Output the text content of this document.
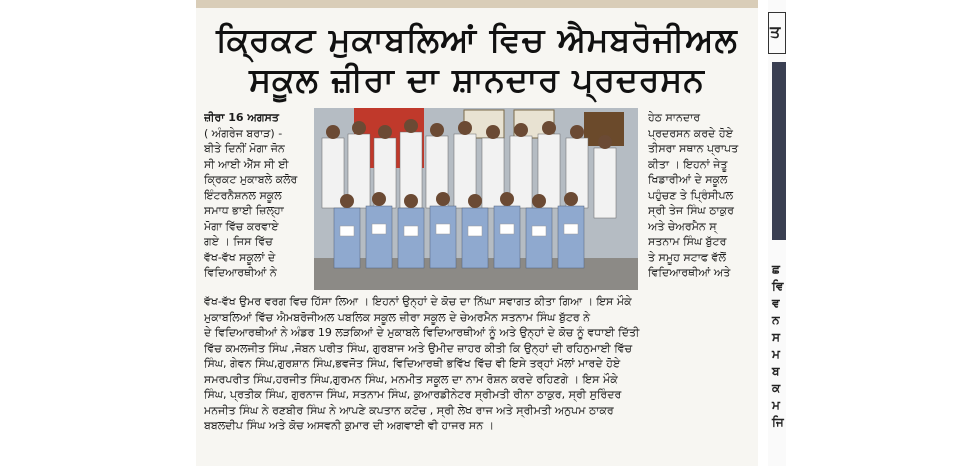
ਕ੍ਰਿਕਟ ਮੁਕਾਬਲਿਆਂ ਵਿਚ ਐਮਬਰੋਜੀਅਲ
ਸਕੂਲ ਜ਼ੀਰਾ ਦਾ ਸ਼ਾਨਦਾਰ ਪ੍ਰਦਰਸਨ

ਜ਼ੀਰਾ 16 ਅਗਸਤ

( ਅੰਗਰੇਜ ਬਰਾੜ) -

ਬੀਤੇ ਦਿਨੀਂ ਮੋਗਾ ਜੋਨ

ਸੀ ਆਈ ਐੱਸ ਸੀ ਈ

ਕ੍ਰਿਕਟ ਮੁਕਾਬਲੇ ਕਲੋਰ

ਇੰਟਰਨੈਸ਼ਨਲ ਸਕੂਲ

ਸਮਾਧ ਭਾਈ ਜ਼ਿਲ੍ਹਾ

ਮੋਗਾ ਵਿੱਚ ਕਰਵਾਏ

ਗਏ । ਜਿਸ ਵਿੱਚ

ਵੱਖ-ਵੱਖ ਸਕੂਲਾਂ ਦੇ

ਵਿਦਿਆਰਥੀਆਂ ਨੇ

ਹੇਠ ਸਾਨਦਾਰ

ਪ੍ਰਦਰਸਨ ਕਰਦੇ ਹੋਏ

ਤੀਸਰਾ ਸਥਾਨ ਪ੍ਰਾਪਤ

ਕੀਤਾ । ਇਹਨਾਂ ਜੇਤੂ

ਖਿਡਾਰੀਆਂ ਦੇ ਸਕੂਲ

ਪਹੁੰਚਣ ਤੇ ਪ੍ਰਿੰਸੀਪਲ

ਸ੍ਰੀ ਤੇਜ ਸਿੰਘ ਠਾਕੁਰ

ਅਤੇ ਚੇਅਰਮੈਨ ਸ੍

ਸਤਨਾਮ ਸਿੰਘ ਬੁੱਟਰ

ਤੇ ਸਮੂਹ ਸਟਾਫ ਵੱਲੋਂ

ਵਿਦਿਆਰਥੀਆਂ ਅਤੇ

ਵੱਖ-ਵੱਖ ਉਮਰ ਵਰਗ ਵਿਚ ਹਿੱਸਾ ਲਿਆ । ਇਹਨਾਂ ਉਨ੍ਹਾਂ ਦੇ ਕੋਚ ਦਾ ਨਿੱਘਾ ਸਵਾਗਤ ਕੀਤਾ ਗਿਆ । ਇਸ ਮੌਕੇ

ਮੁਕਾਬਲਿਆਂ ਵਿੱਚ ਐਮਬਰੋਜੀਅਲ ਪਬਲਿਕ ਸਕੂਲ ਜ਼ੀਰਾ ਸਕੂਲ ਦੇ ਚੇਅਰਮੈਨ ਸਤਨਾਮ ਸਿੰਘ ਬੁੱਟਰ ਨੇ

ਦੇ ਵਿਦਿਆਰਥੀਆਂ ਨੇ ਅੰਡਰ 19 ਲੜਕਿਆਂ ਦੇ ਮੁਕਾਬਲੇ ਵਿਦਿਆਰਥੀਆਂ ਨੂੰ ਅਤੇ ਉਨ੍ਹਾਂ ਦੇ ਕੋਚ ਨੂੰ ਵਧਾਈ ਦਿੱਤੀ

ਵਿੱਚ ਕਮਲਜੀਤ ਸਿੰਘ ,ਜੋਬਨ ਪਰੀਤ ਸਿੰਘ, ਗੁਰਬਾਜ ਅਤੇ ਉਮੀਦ ਜ਼ਾਹਰ ਕੀਤੀ ਕਿ ਉਨ੍ਹਾਂ ਦੀ ਰਹਿਨੁਮਾਈ ਵਿੱਚ

ਸਿੰਘ, ਗੇਵਨ ਸਿੰਘ,ਗੁਰਸ਼ਾਨ ਸਿੰਘ,ਭਵਜੋਤ ਸਿੰਘ, ਵਿਦਿਆਰਥੀ ਭਵਿੱਖ ਵਿੱਚ ਵੀ ਇਸੇ ਤਰ੍ਹਾਂ ਮੱਲਾਂ ਮਾਰਦੇ ਹੋਏ

ਸਮਰਪਰੀਤ ਸਿੰਘ,ਹਰਜੀਤ ਸਿੰਘ,ਗੁਰਮਨ ਸਿੰਘ, ਮਨਮੀਤ ਸਕੂਲ ਦਾ ਨਾਮ ਰੋਸ਼ਨ ਕਰਦੇ ਰਹਿਣਗੇ । ਇਸ ਮੌਕੇ

ਸਿੰਘ, ਪ੍ਰਤੀਕ ਸਿੰਘ, ਗੁਰਨਾਜ ਸਿੰਘ, ਸਤਨਾਮ ਸਿੰਘ, ਕੁਆਰਡੀਨੇਟਰ ਸ੍ਰੀਮਤੀ ਰੀਨਾ ਠਾਕੁਰ, ਸ੍ਰੀ ਸੁਰਿੰਦਰ

ਮਨਜੀਤ ਸਿੰਘ ਨੇ ਰਣਬੀਰ ਸਿੰਘ ਨੇ ਆਪਣੇ ਕਪਤਾਨ ਕਟੋਚ , ਸ੍ਰੀ ਲੇਖ ਰਾਜ ਅਤੇ ਸ੍ਰੀਮਤੀ ਅਨੁਪਮ ਠਾਕਰ

ਬਬਲਦੀਪ ਸਿੰਘ ਅਤੇ ਕੋਚ ਅਸਵਨੀ ਕੁਮਾਰ ਦੀ ਅਗਵਾਈ ਵੀ ਹਾਜਰ ਸਨ ।

ਤ
ਛ
ਵਿ
ਵ
ਨ
ਸ
ਮ
ਬ
ਕ
ਮ
ਜਿ
